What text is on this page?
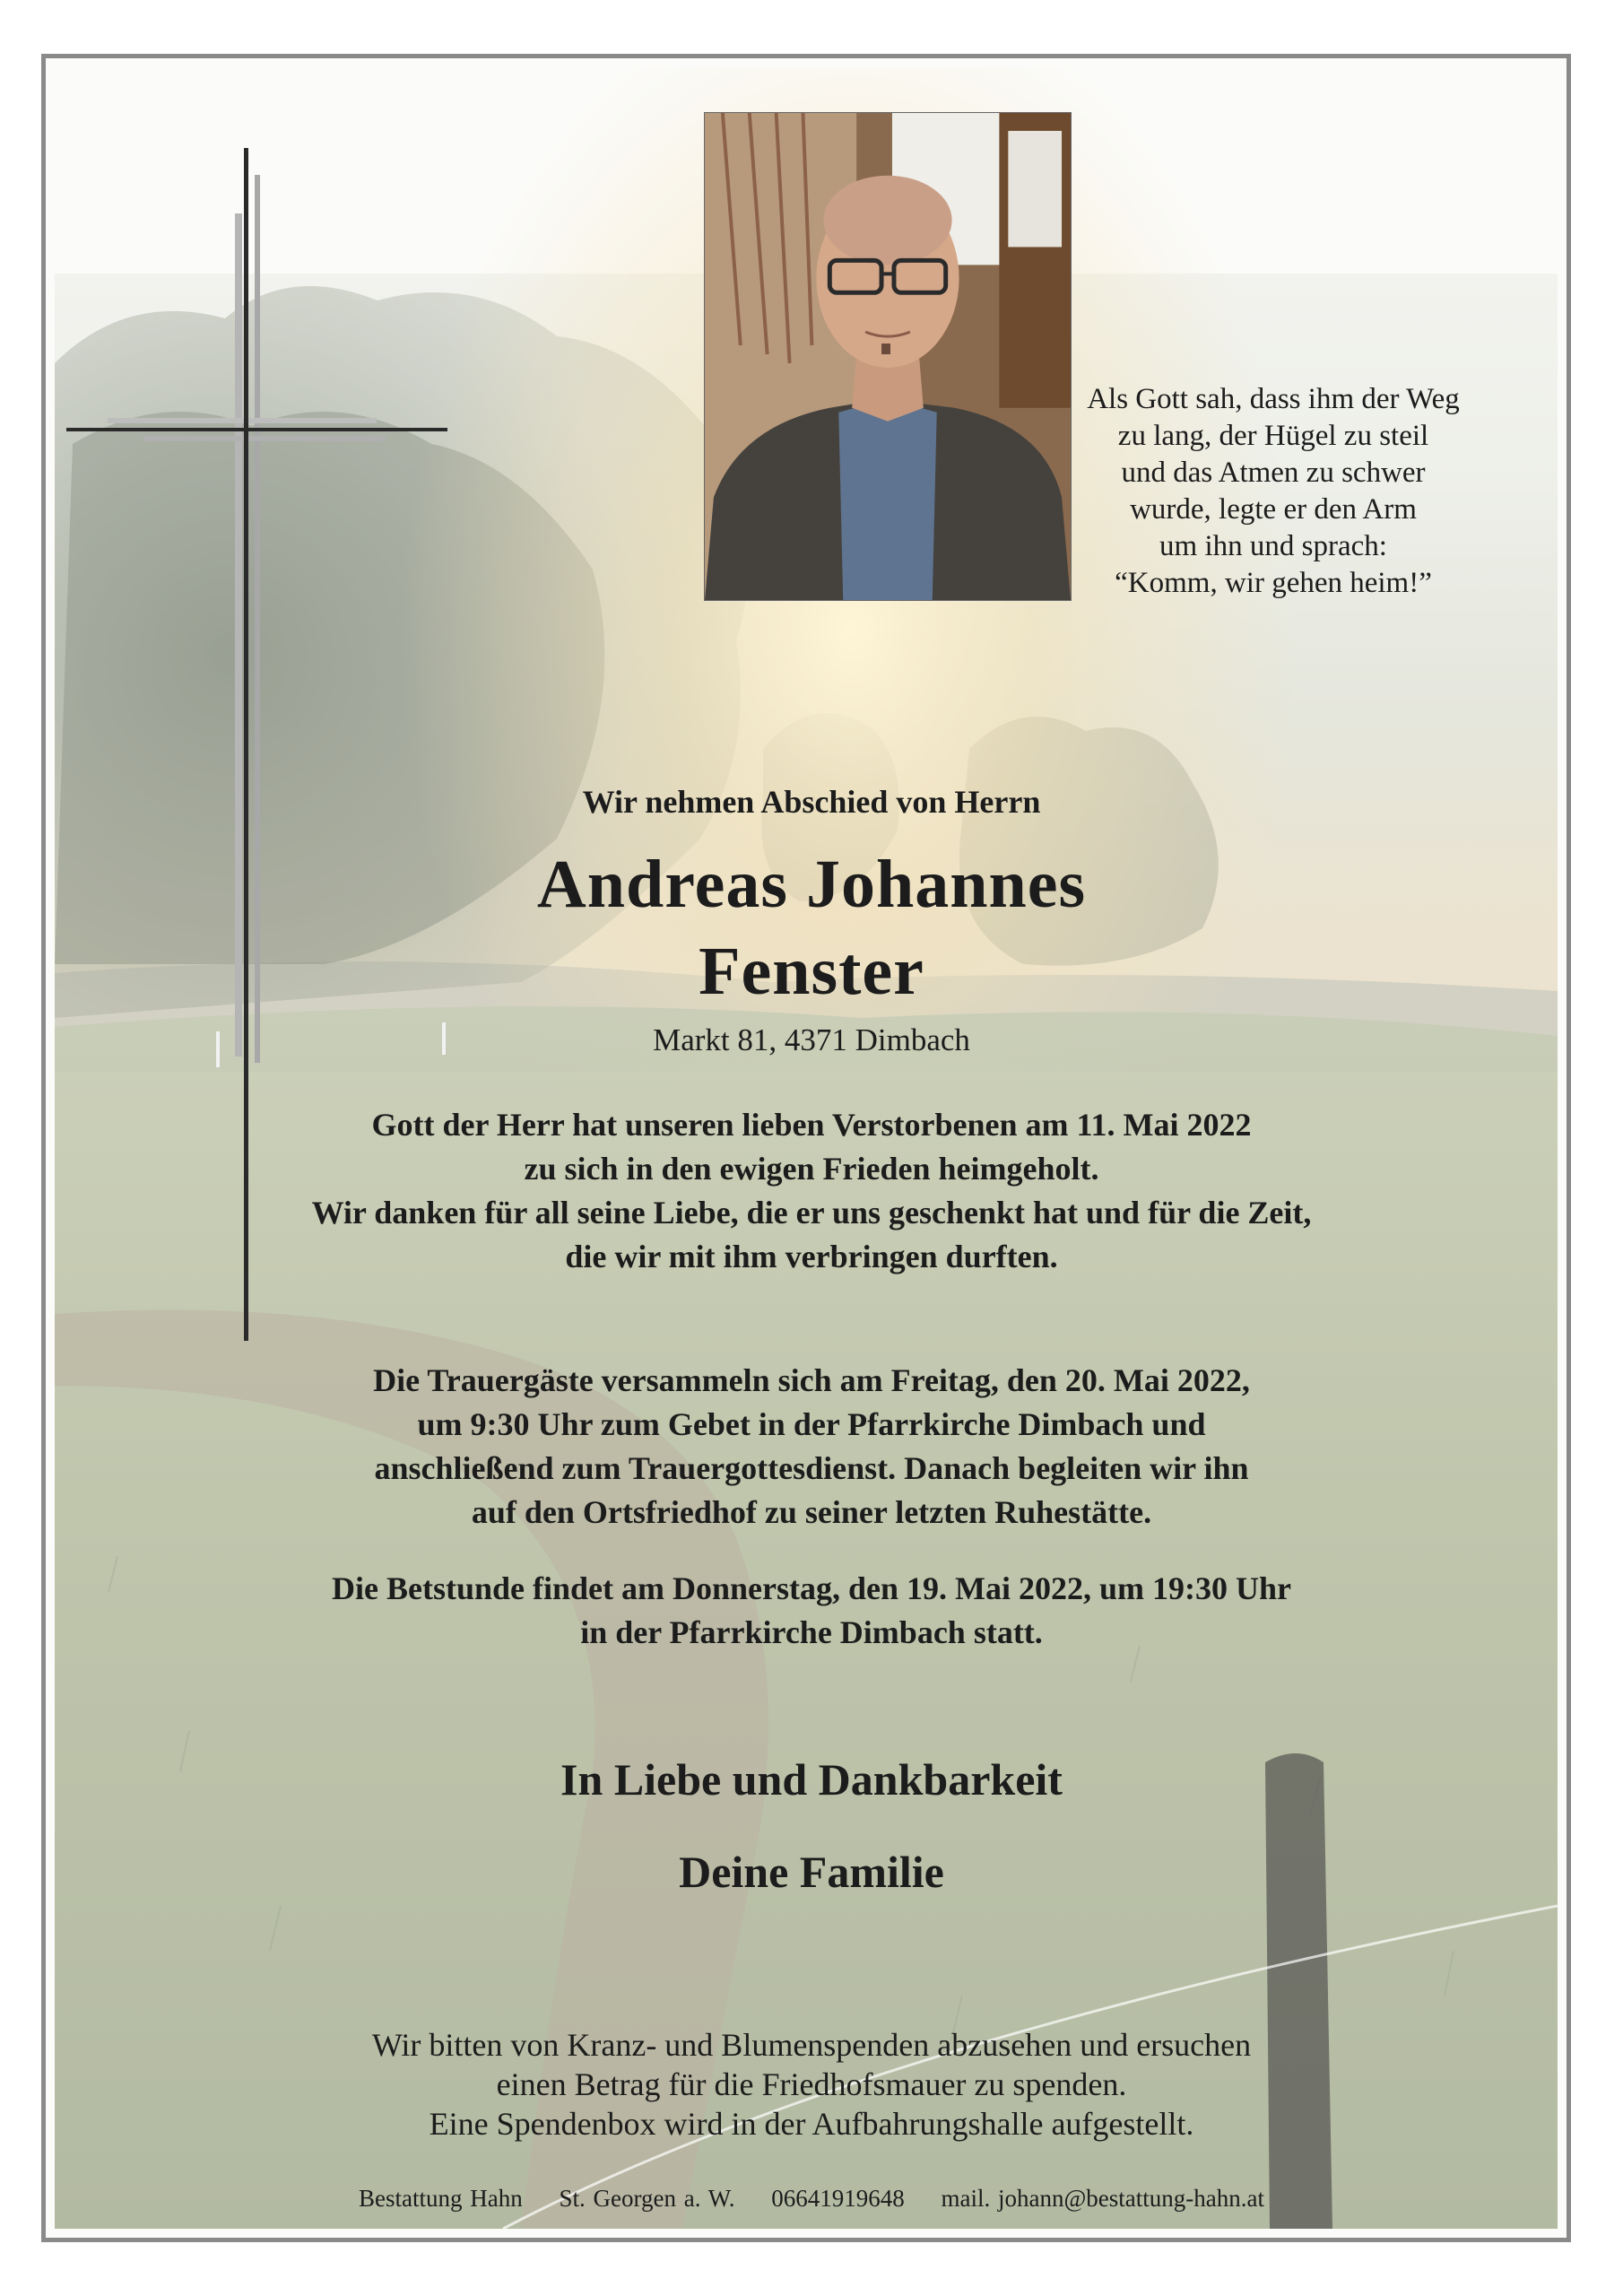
Als Gott sah, dass ihm der Weg
zu lang, der Hügel zu steil
und das Atmen zu schwer
wurde, legte er den Arm
um ihn und sprach:
“Komm, wir gehen heim!”
Wir nehmen Abschied von Herrn
Andreas Johannes
Fenster
Markt 81, 4371 Dimbach
Gott der Herr hat unseren lieben Verstorbenen am 11. Mai 2022
zu sich in den ewigen Frieden heimgeholt.
Wir danken für all seine Liebe, die er uns geschenkt hat und für die Zeit,
die wir mit ihm verbringen durften.
Die Trauergäste versammeln sich am Freitag, den 20. Mai 2022,
um 9:30 Uhr zum Gebet in der Pfarrkirche Dimbach und
anschließend zum Trauergottesdienst. Danach begleiten wir ihn
auf den Ortsfriedhof zu seiner letzten Ruhestätte.
Die Betstunde findet am Donnerstag, den 19. Mai 2022, um 19:30 Uhr
in der Pfarrkirche Dimbach statt.
In Liebe und Dankbarkeit
Deine Familie
Wir bitten von Kranz- und Blumenspenden abzusehen und ersuchen
einen Betrag für die Friedhofsmauer zu spenden.
Eine Spendenbox wird in der Aufbahrungshalle aufgestellt.
Bestattung Hahn St. Georgen a. W. 06641919648 mail. johann@bestattung-hahn.at
